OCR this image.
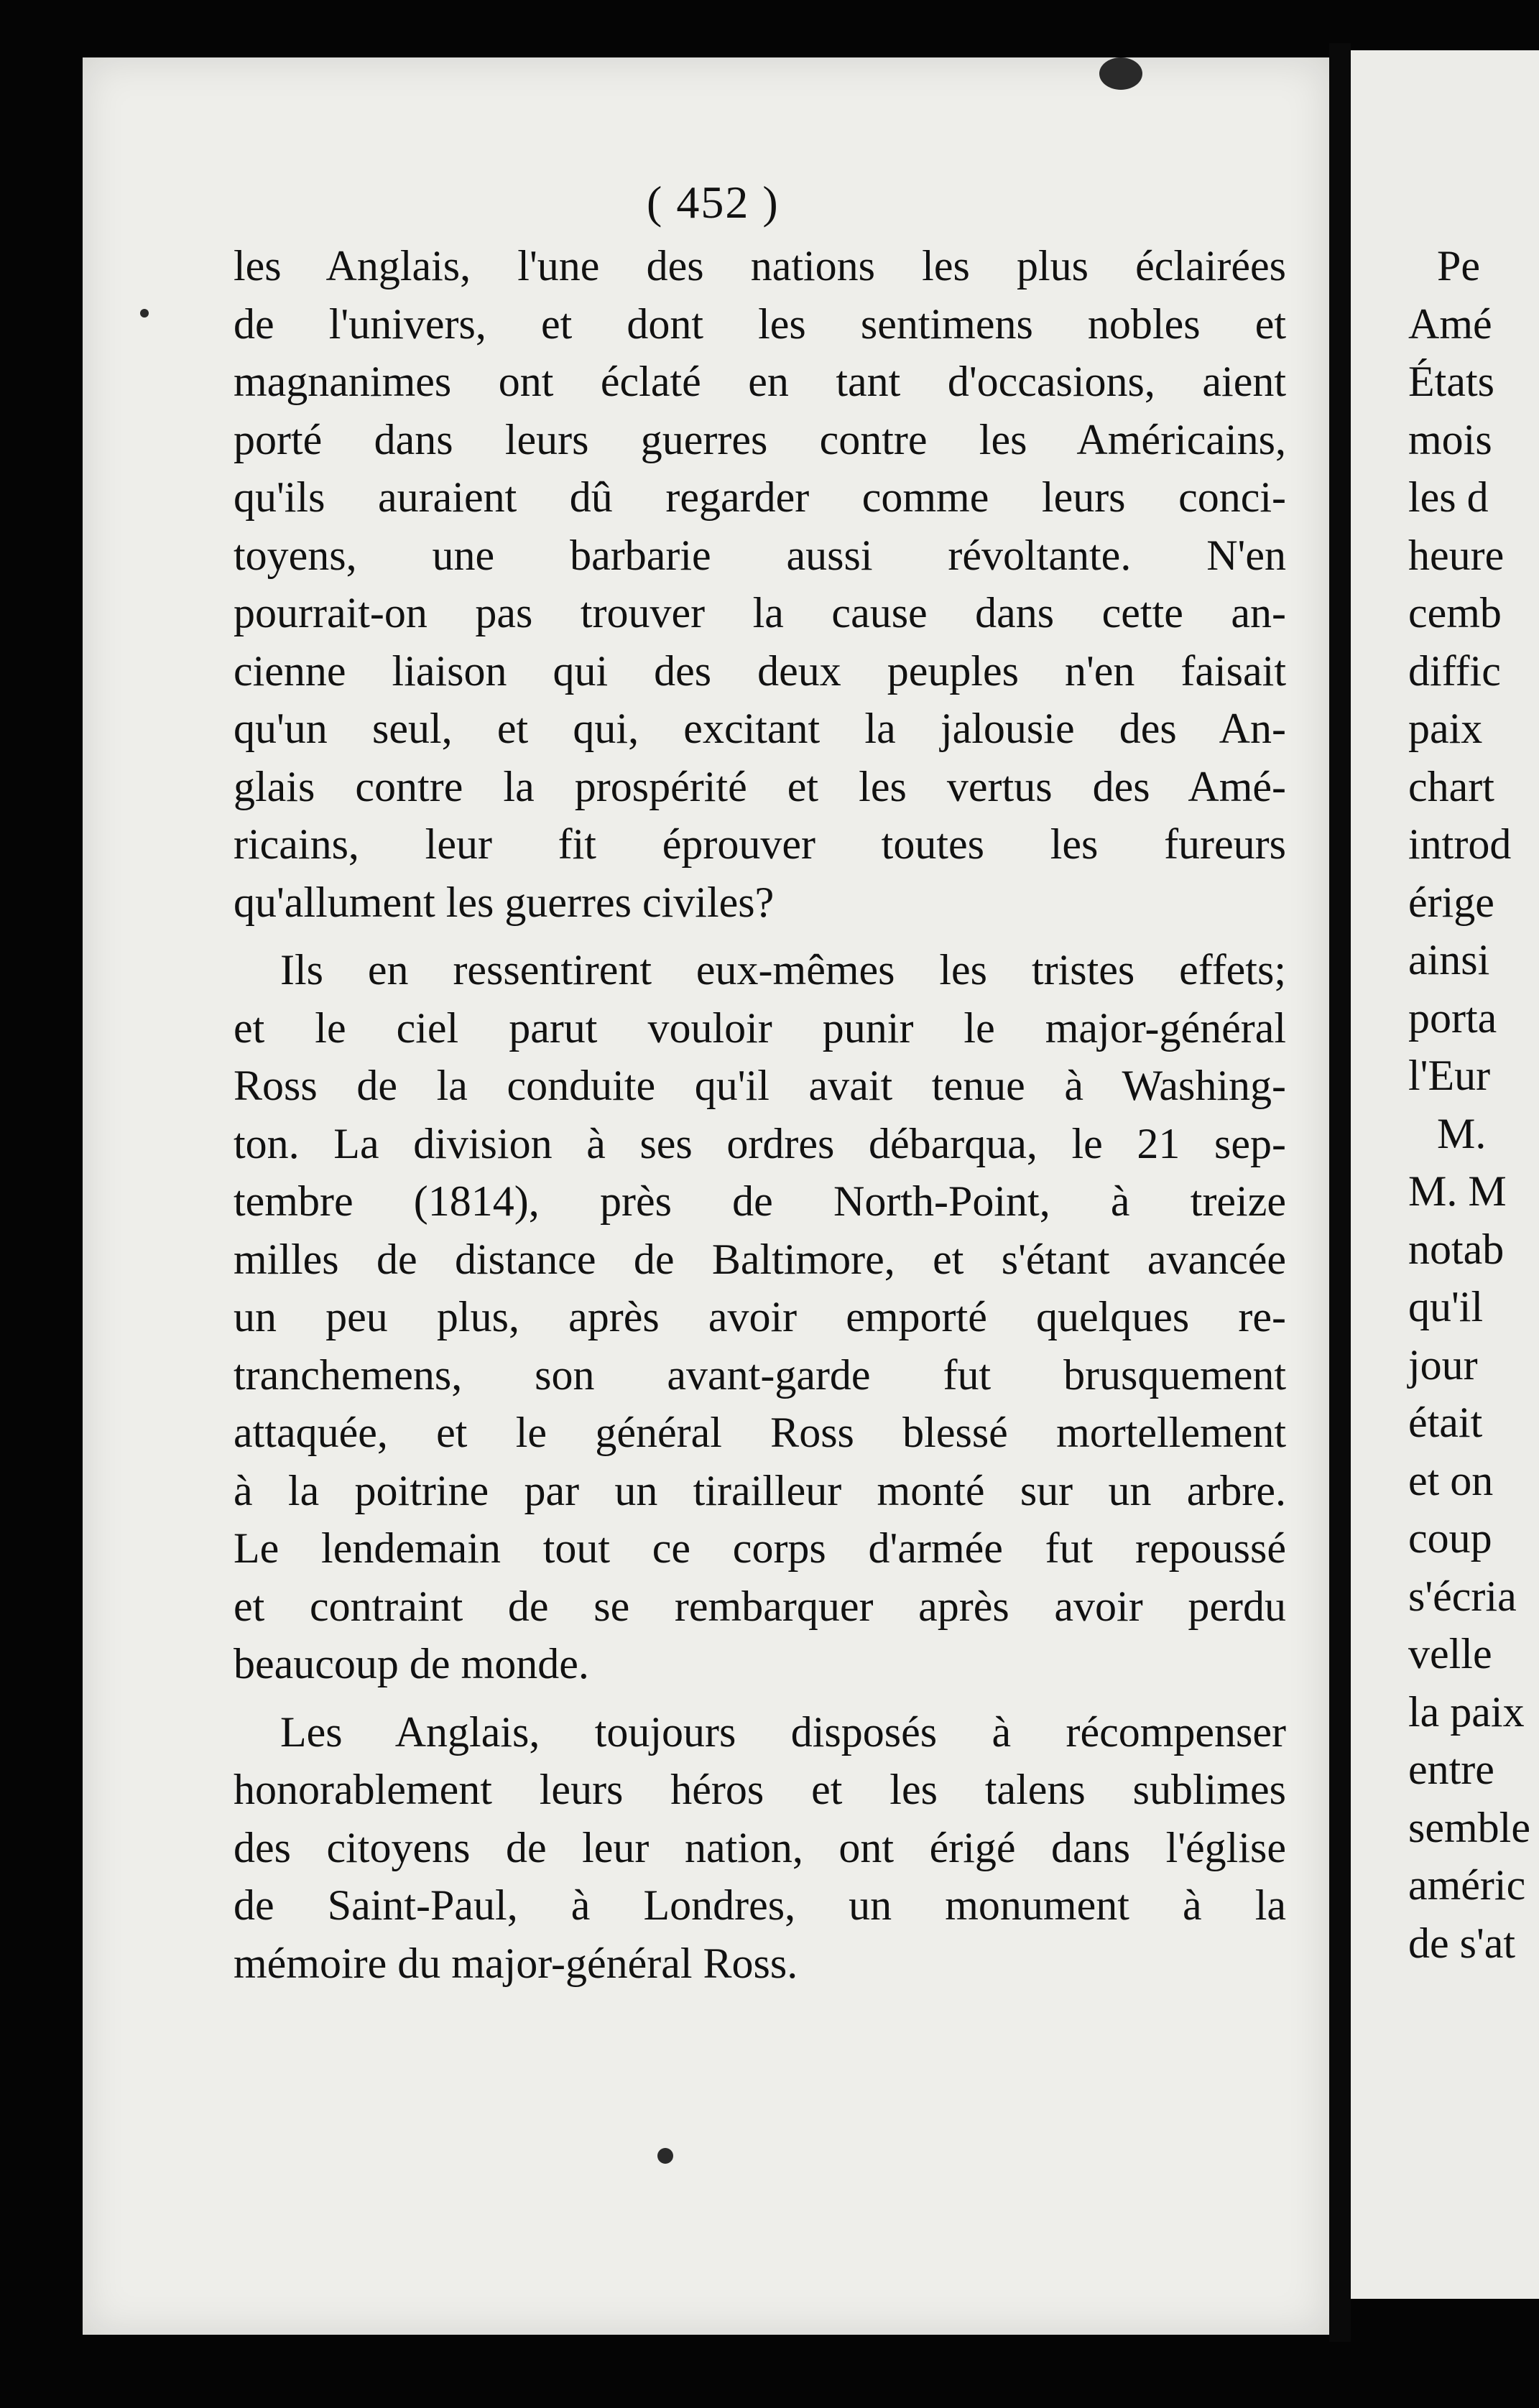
( 452 )
les Anglais, l'une des nations les plus éclairées
de l'univers, et dont les sentimens nobles et
magnanimes ont éclaté en tant d'occasions, aient
porté dans leurs guerres contre les Américains,
qu'ils auraient dû regarder comme leurs conci-
toyens, une barbarie aussi révoltante. N'en
pourrait-on pas trouver la cause dans cette an-
cienne liaison qui des deux peuples n'en faisait
qu'un seul, et qui, excitant la jalousie des An-
glais contre la prospérité et les vertus des Amé-
ricains, leur fit éprouver toutes les fureurs
qu'allument les guerres civiles?
Ils en ressentirent eux-mêmes les tristes effets;
et le ciel parut vouloir punir le major-général
Ross de la conduite qu'il avait tenue à Washing-
ton. La division à ses ordres débarqua, le 21 sep-
tembre (1814), près de North-Point, à treize
milles de distance de Baltimore, et s'étant avancée
un peu plus, après avoir emporté quelques re-
tranchemens, son avant-garde fut brusquement
attaquée, et le général Ross blessé mortellement
à la poitrine par un tirailleur monté sur un arbre.
Le lendemain tout ce corps d'armée fut repoussé
et contraint de se rembarquer après avoir perdu
beaucoup de monde.
Les Anglais, toujours disposés à récompenser
honorablement leurs héros et les talens sublimes
des citoyens de leur nation, ont érigé dans l'église
de Saint-Paul, à Londres, un monument à la
mémoire du major-général Ross.
Pe
Amé
États
mois
les d
heure
cemb
diffic
paix
chart
introd
érige
ainsi
porta
l'Eur
M.
M. M
notab
qu'il
jour
était
et on
coup
s'écria
velle
la paix
entre
semble
améric
de s'at
